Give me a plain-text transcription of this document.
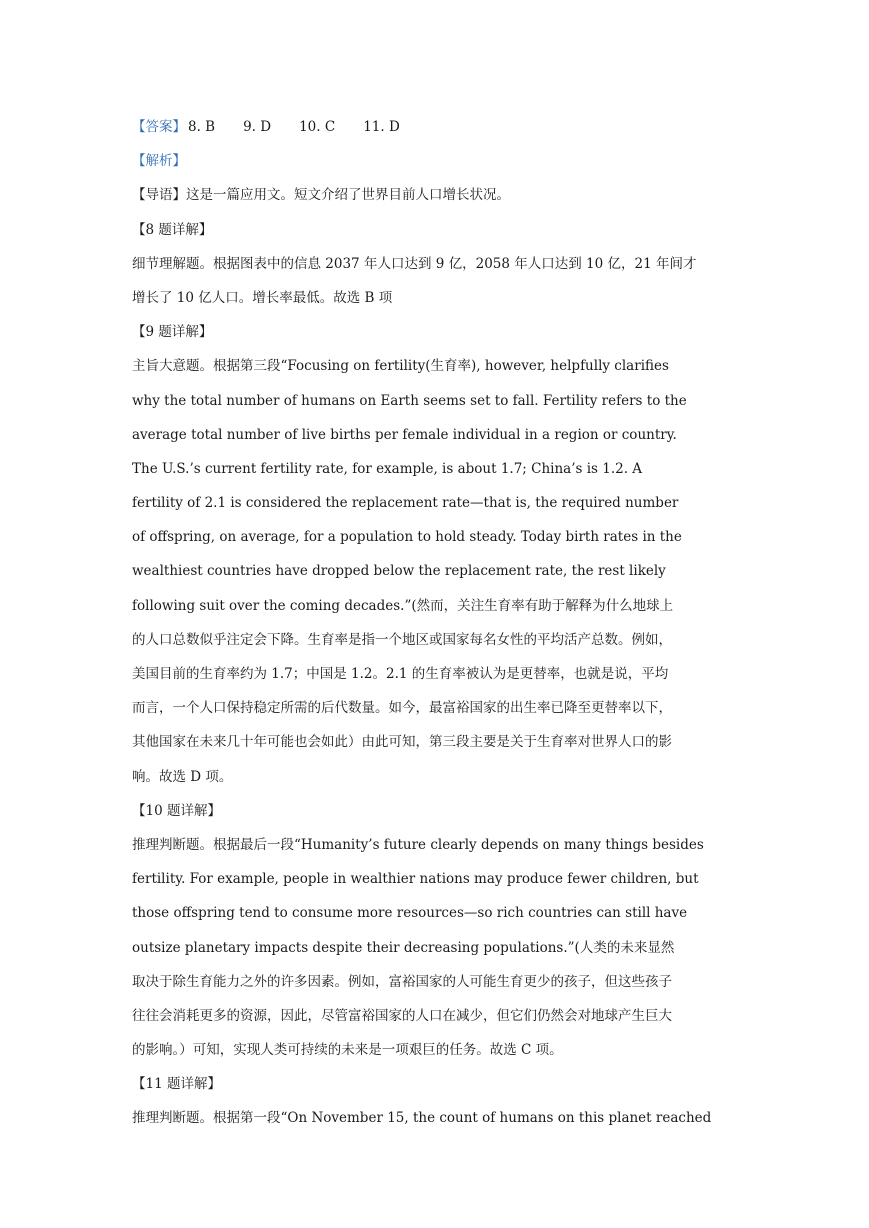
【答案】 8. B 9. D 10. C 11. D
【解析】
【导语】这是一篇应用文。短文介绍了世界目前人口增长状况。
【8 题详解】
细节理解题。根据图表中的信息 2037 年人口达到 9 亿，2058 年人口达到 10 亿，21 年间才
增长了 10 亿人口。增长率最低。故选 B 项
【9 题详解】
主旨大意题。根据第三段“Focusing on fertility(生育率), however, helpfully clarifies
why the total number of humans on Earth seems set to fall. Fertility refers to the
average total number of live births per female individual in a region or country.
The U.S.’s current fertility rate, for example, is about 1.7; China’s is 1.2. A
fertility of 2.1 is considered the replacement rate—that is, the required number
of offspring, on average, for a population to hold steady. Today birth rates in the
wealthiest countries have dropped below the replacement rate, the rest likely
following suit over the coming decades.”(然而，关注生育率有助于解释为什么地球上
的人口总数似乎注定会下降。生育率是指一个地区或国家每名女性的平均活产总数。例如，
美国目前的生育率约为 1.7；中国是 1.2。2.1 的生育率被认为是更替率，也就是说，平均
而言，一个人口保持稳定所需的后代数量。如今，最富裕国家的出生率已降至更替率以下，
其他国家在未来几十年可能也会如此）由此可知，第三段主要是关于生育率对世界人口的影
响。故选 D 项。
【10 题详解】
推理判断题。根据最后一段“Humanity’s future clearly depends on many things besides
fertility. For example, people in wealthier nations may produce fewer children, but
those offspring tend to consume more resources—so rich countries can still have
outsize planetary impacts despite their decreasing populations.”(人类的未来显然
取决于除生育能力之外的许多因素。例如，富裕国家的人可能生育更少的孩子，但这些孩子
往往会消耗更多的资源，因此，尽管富裕国家的人口在减少，但它们仍然会对地球产生巨大
的影响。）可知，实现人类可持续的未来是一项艰巨的任务。故选 C 项。
【11 题详解】
推理判断题。根据第一段“On November 15, the count of humans on this planet reached
